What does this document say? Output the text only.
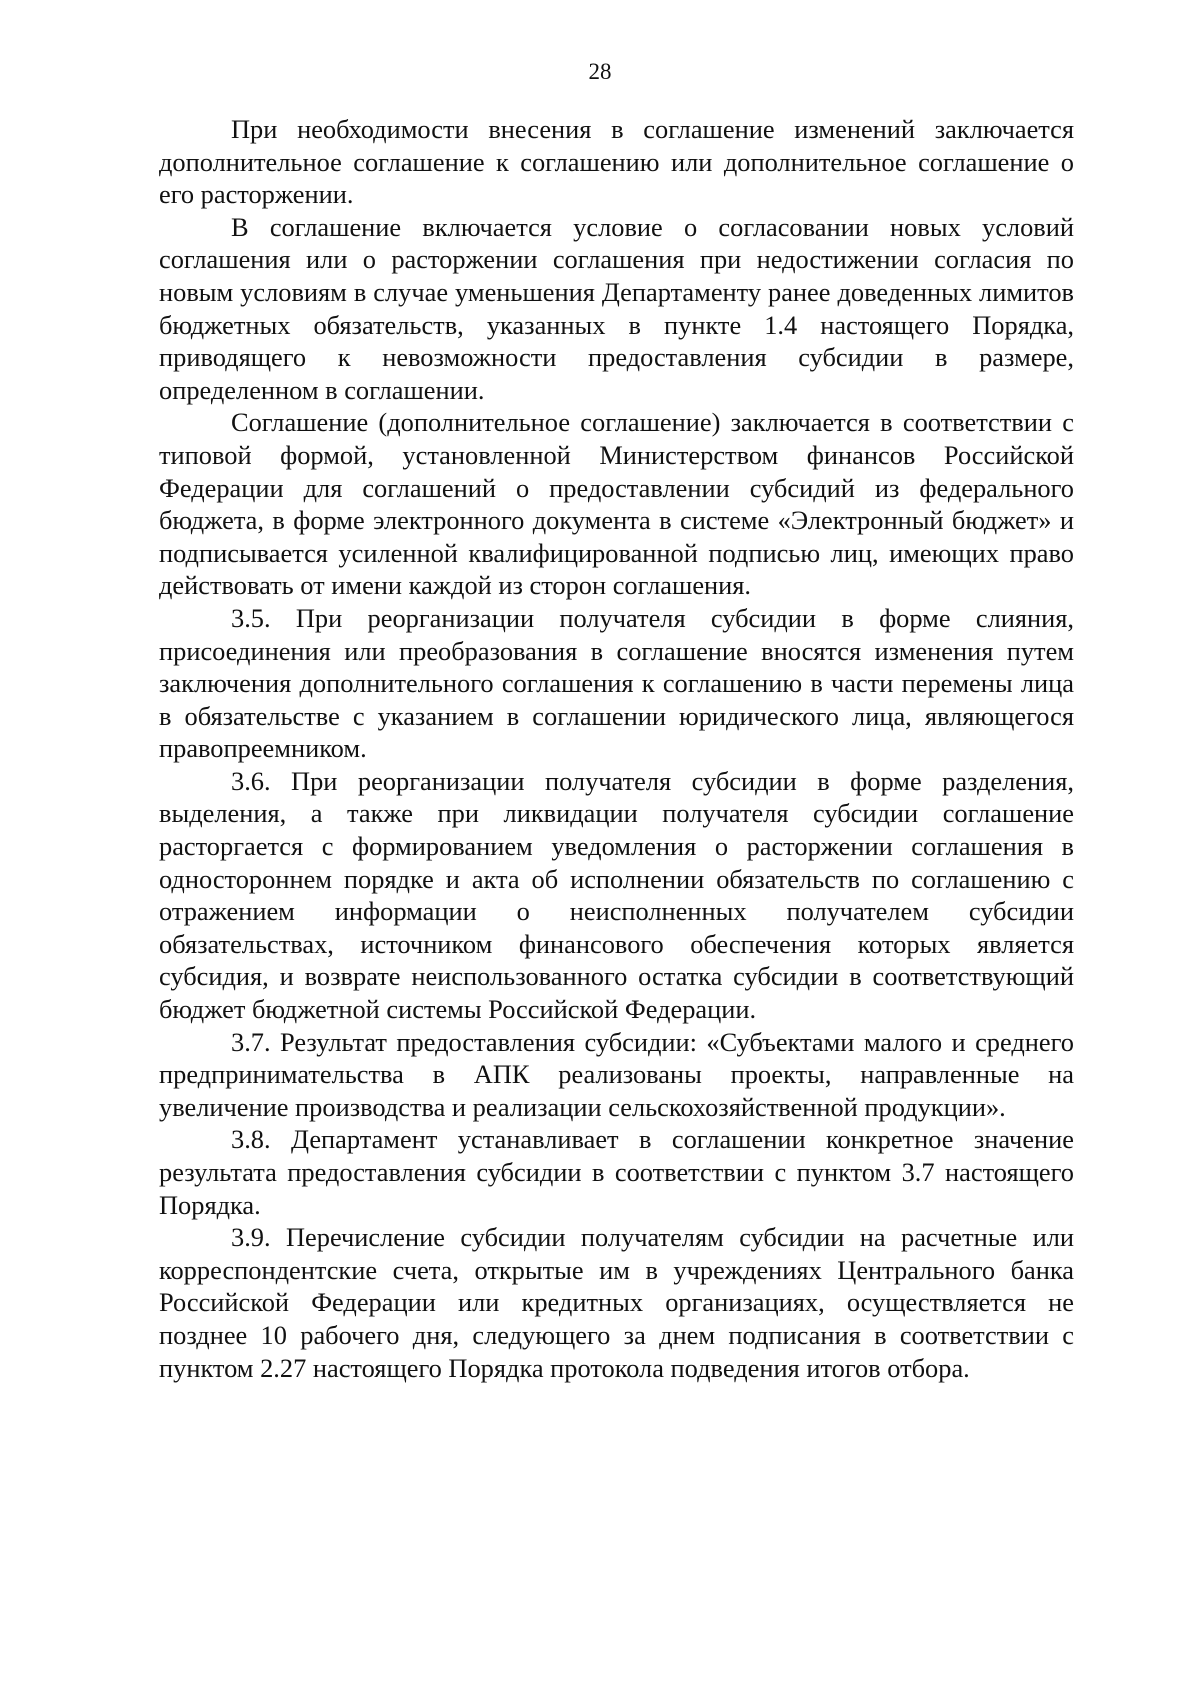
28

При необходимости внесения в соглашение изменений заключается дополнительное соглашение к соглашению или дополнительное соглашение о его расторжении.

В соглашение включается условие о согласовании новых условий соглашения или о расторжении соглашения при недостижении согласия по новым условиям в случае уменьшения Департаменту ранее доведенных лимитов бюджетных обязательств, указанных в пункте 1.4 настоящего Порядка, приводящего к невозможности предоставления субсидии в размере, определенном в соглашении.

Соглашение (дополнительное соглашение) заключается в соответствии с типовой формой, установленной Министерством финансов Российской Федерации для соглашений о предоставлении субсидий из федерального бюджета, в форме электронного документа в системе «Электронный бюджет» и подписывается усиленной квалифицированной подписью лиц, имеющих право действовать от имени каждой из сторон соглашения.

3.5. При реорганизации получателя субсидии в форме слияния, присоединения или преобразования в соглашение вносятся изменения путем заключения дополнительного соглашения к соглашению в части перемены лица в обязательстве с указанием в соглашении юридического лица, являющегося правопреемником.

3.6. При реорганизации получателя субсидии в форме разделения, выделения, а также при ликвидации получателя субсидии соглашение расторгается с формированием уведомления о расторжении соглашения в одностороннем порядке и акта об исполнении обязательств по соглашению с отражением информации о неисполненных получателем субсидии обязательствах, источником финансового обеспечения которых является субсидия, и возврате неиспользованного остатка субсидии в соответствующий бюджет бюджетной системы Российской Федерации.

3.7. Результат предоставления субсидии: «Субъектами малого и среднего предпринимательства в АПК реализованы проекты, направленные на увеличение производства и реализации сельскохозяйственной продукции».

3.8. Департамент устанавливает в соглашении конкретное значение результата предоставления субсидии в соответствии с пунктом 3.7 настоящего Порядка.

3.9. Перечисление субсидии получателям субсидии на расчетные или корреспондентские счета, открытые им в учреждениях Центрального банка Российской Федерации или кредитных организациях, осуществляется не позднее 10 рабочего дня, следующего за днем подписания в соответствии с пунктом 2.27 настоящего Порядка протокола подведения итогов отбора.
